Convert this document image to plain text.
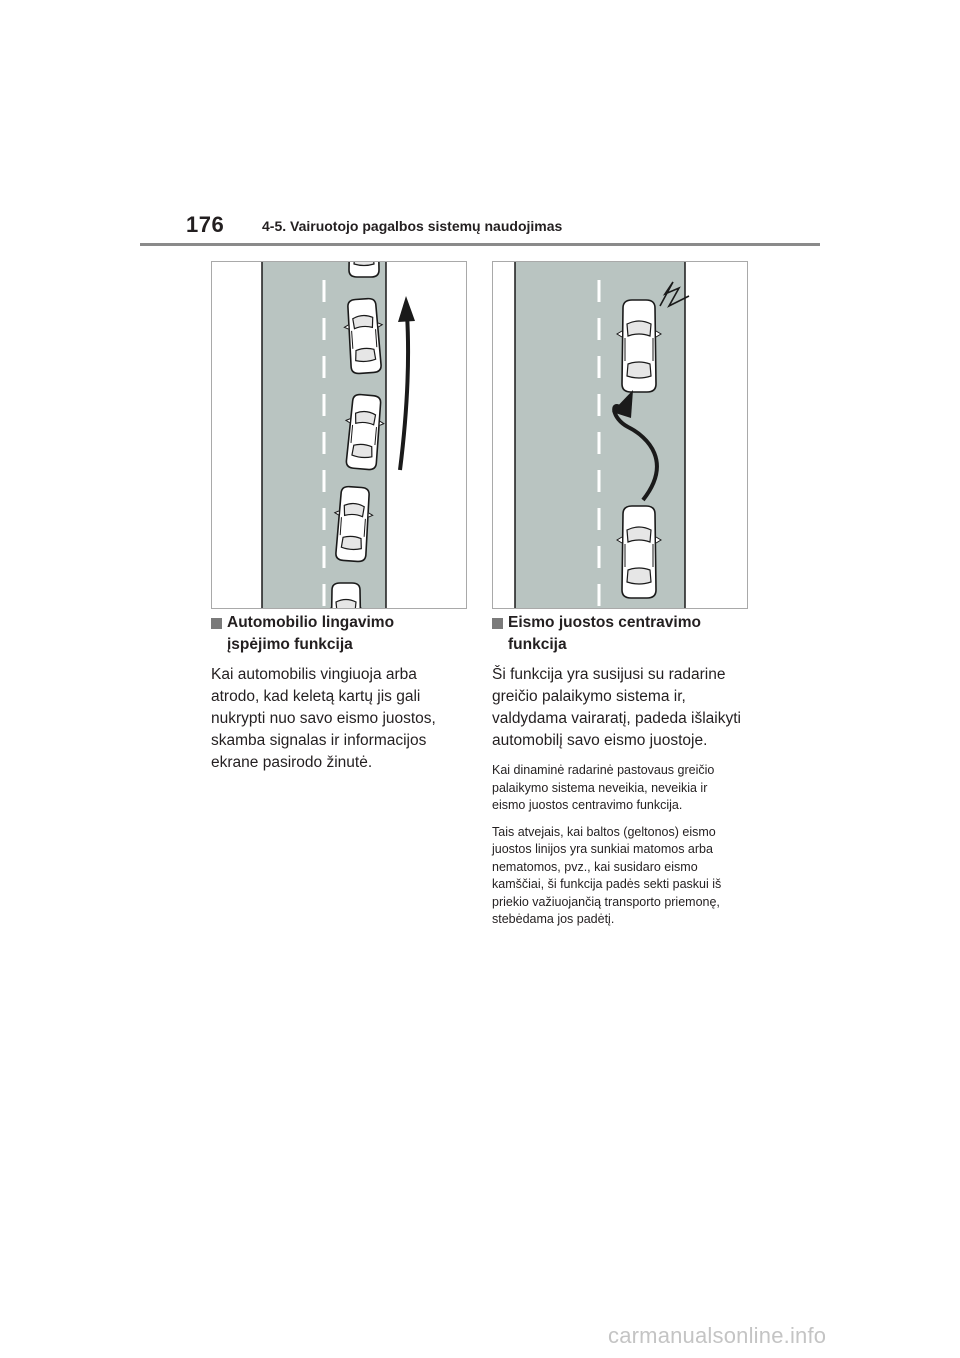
176	4-5. Vairuotojo pagalbos sistemų naudojimas
Automobilio lingavimo
įspėjimo funkcija

Kai automobilis vingiuoja arba atrodo, kad keletą kartų jis gali nukrypti nuo savo eismo juostos, skamba signalas ir informacijos ekrane pasirodo žinutė.

Eismo juostos centravimo
funkcija

Ši funkcija yra susijusi su radarine greičio palaikymo sistema ir, valdydama vairaratį, padeda išlaikyti automobilį savo eismo juostoje.

Kai dinaminė radarinė pastovaus greičio palaikymo sistema neveikia, neveikia ir eismo juostos centravimo funkcija.

Tais atvejais, kai baltos (geltonos) eismo juostos linijos yra sunkiai matomos arba nematomos, pvz., kai susidaro eismo kamščiai, ši funkcija padės sekti paskui iš priekio važiuojančią transporto priemonę, stebėdama jos padėtį.

carmanualsonline.info
